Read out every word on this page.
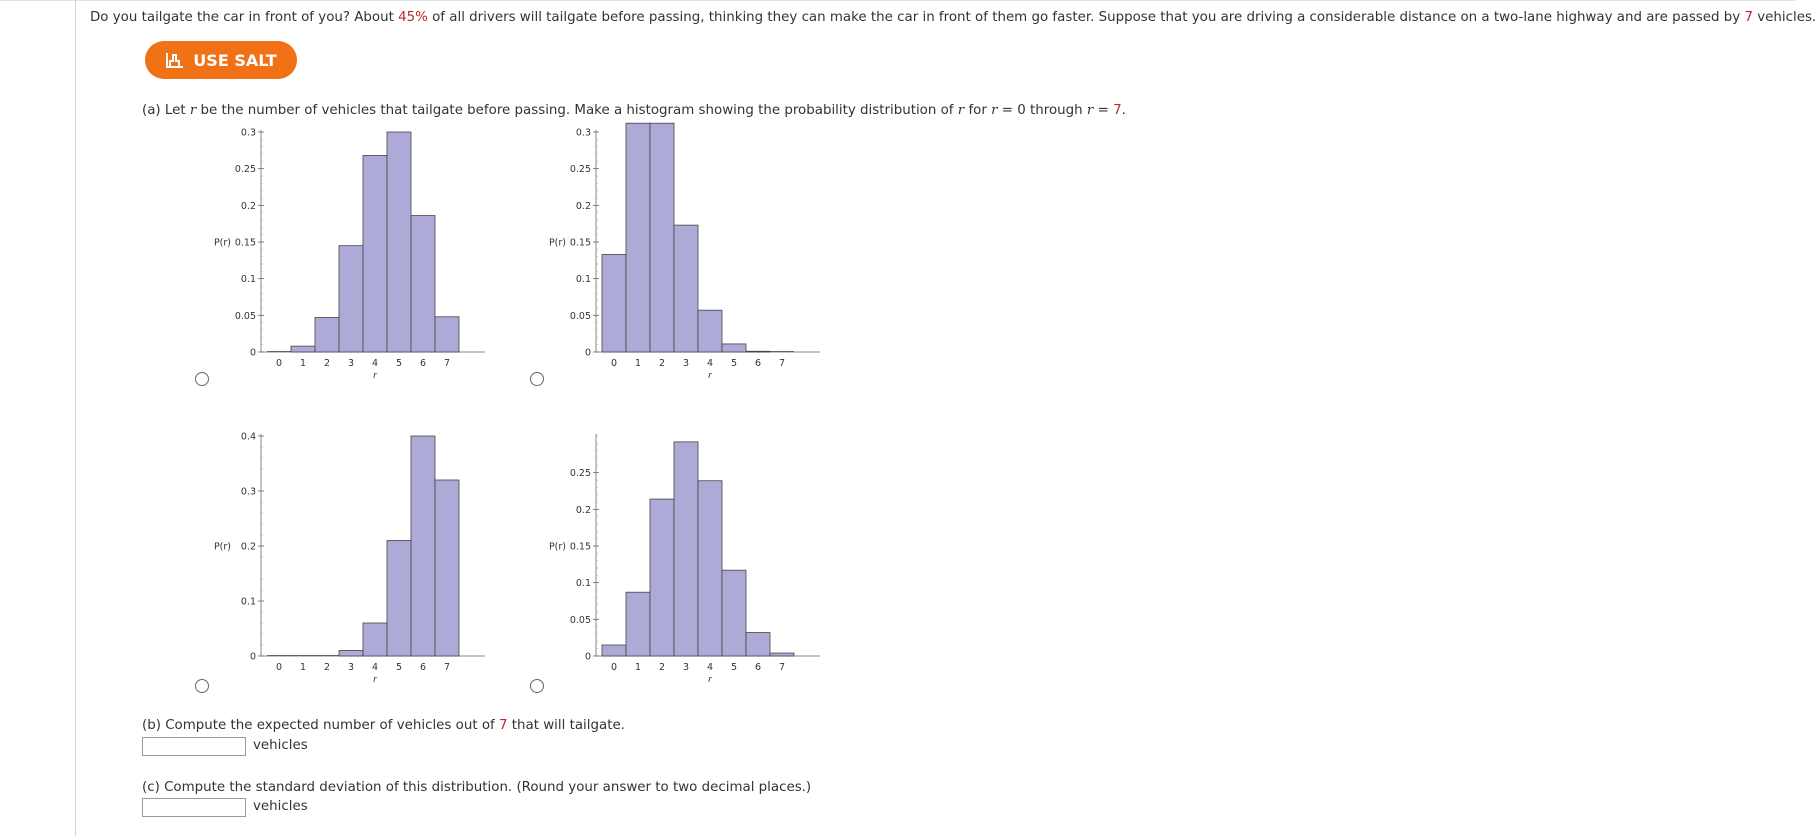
Do you tailgate the car in front of you? About 45% of all drivers will tailgate before passing, thinking they can make the car in front of them go faster. Suppose that you are driving a considerable distance on a two-lane highway and are passed by 7 vehicles.
USE SALT
(a) Let r be the number of vehicles that tailgate before passing. Make a histogram showing the probability distribution of r for r = 0 through r = 7.
0
0.05
0.1
0.15
0.2
0.25
0.3
P(r)
0 1 2 3 4 5 6 7
r
0
0.05
0.1
0.15
0.2
0.25
0.3
P(r)
0 1 2 3 4 5 6 7
r
0
0.1
0.2
0.3
0.4
P(r)
0 1 2 3 4 5 6 7
r
0
0.05
0.1
0.15
0.2
0.25
P(r)
0 1 2 3 4 5 6 7
r
(b) Compute the expected number of vehicles out of 7 that will tailgate.
vehicles
(c) Compute the standard deviation of this distribution. (Round your answer to two decimal places.)
vehicles
